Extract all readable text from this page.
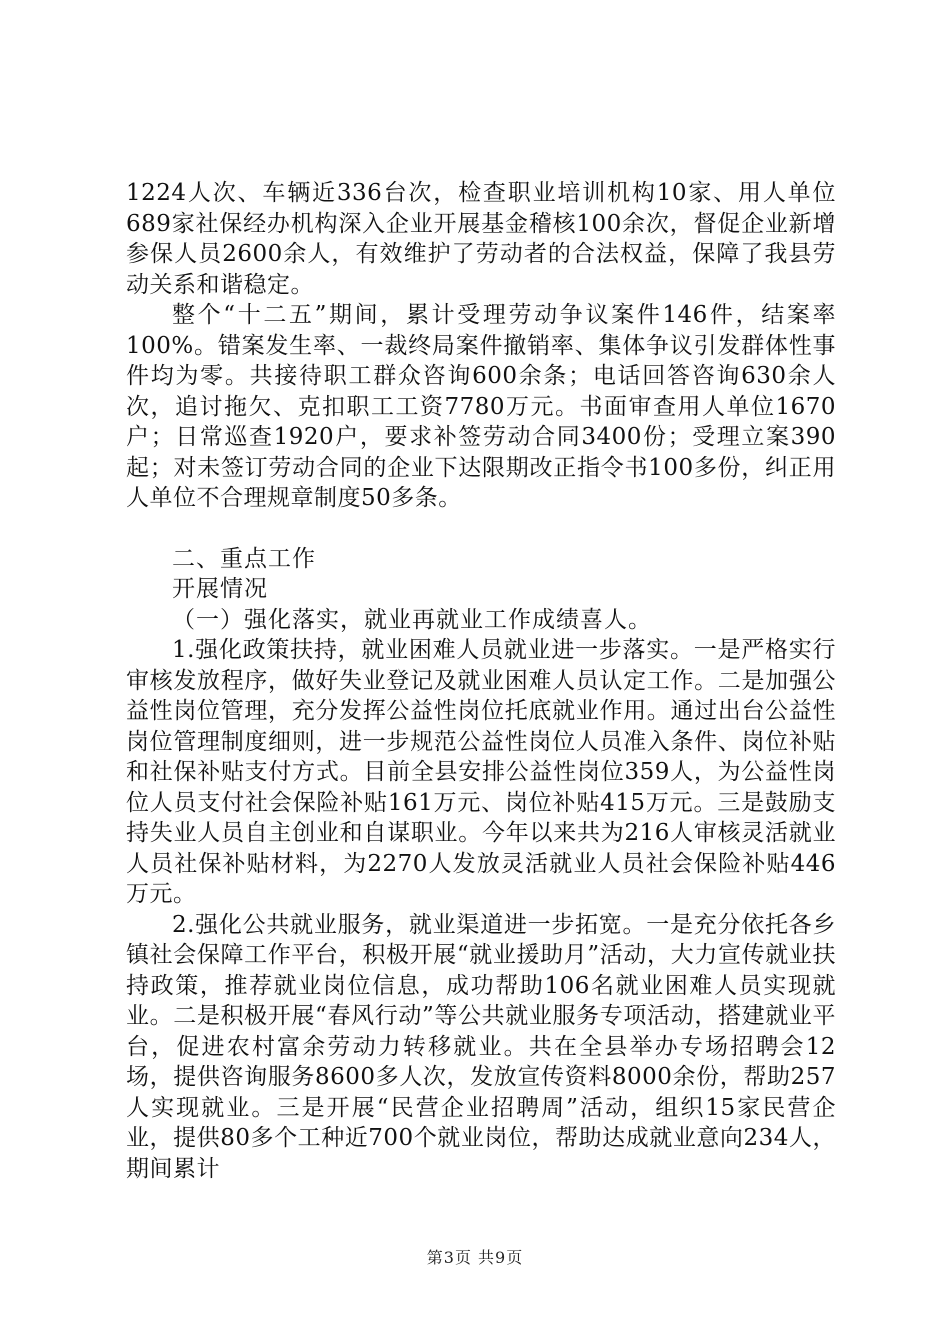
1224人次、车辆近336台次，检查职业培训机构10家、用人单位689家社保经办机构深入企业开展基金稽核100余次，督促企业新增参保人员2600余人，有效维护了劳动者的合法权益，保障了我县劳动关系和谐稳定。

整个“十二五”期间，累计受理劳动争议案件146件，结案率100%。错案发生率、一裁终局案件撤销率、集体争议引发群体性事件均为零。共接待职工群众咨询600余条；电话回答咨询630余人次，追讨拖欠、克扣职工工资7780万元。书面审查用人单位1670户；日常巡查1920户，要求补签劳动合同3400份；受理立案390起；对未签订劳动合同的企业下达限期改正指令书100多份，纠正用人单位不合理规章制度50多条。

二、重点工作

开展情况

（一）强化落实，就业再就业工作成绩喜人。

1.强化政策扶持，就业困难人员就业进一步落实。一是严格实行审核发放程序，做好失业登记及就业困难人员认定工作。二是加强公益性岗位管理，充分发挥公益性岗位托底就业作用。通过出台公益性岗位管理制度细则，进一步规范公益性岗位人员准入条件、岗位补贴和社保补贴支付方式。目前全县安排公益性岗位359人，为公益性岗位人员支付社会保险补贴161万元、岗位补贴415万元。三是鼓励支持失业人员自主创业和自谋职业。今年以来共为216人审核灵活就业人员社保补贴材料，为2270人发放灵活就业人员社会保险补贴446万元。

2.强化公共就业服务，就业渠道进一步拓宽。一是充分依托各乡镇社会保障工作平台，积极开展“就业援助月”活动，大力宣传就业扶持政策，推荐就业岗位信息，成功帮助106名就业困难人员实现就业。二是积极开展“春风行动”等公共就业服务专项活动，搭建就业平台，促进农村富余劳动力转移就业。共在全县举办专场招聘会12场，提供咨询服务8600多人次，发放宣传资料8000余份，帮助257人实现就业。三是开展“民营企业招聘周”活动，组织15家民营企业，提供80多个工种近700个就业岗位，帮助达成就业意向234人，期间累计

第3页 共9页
